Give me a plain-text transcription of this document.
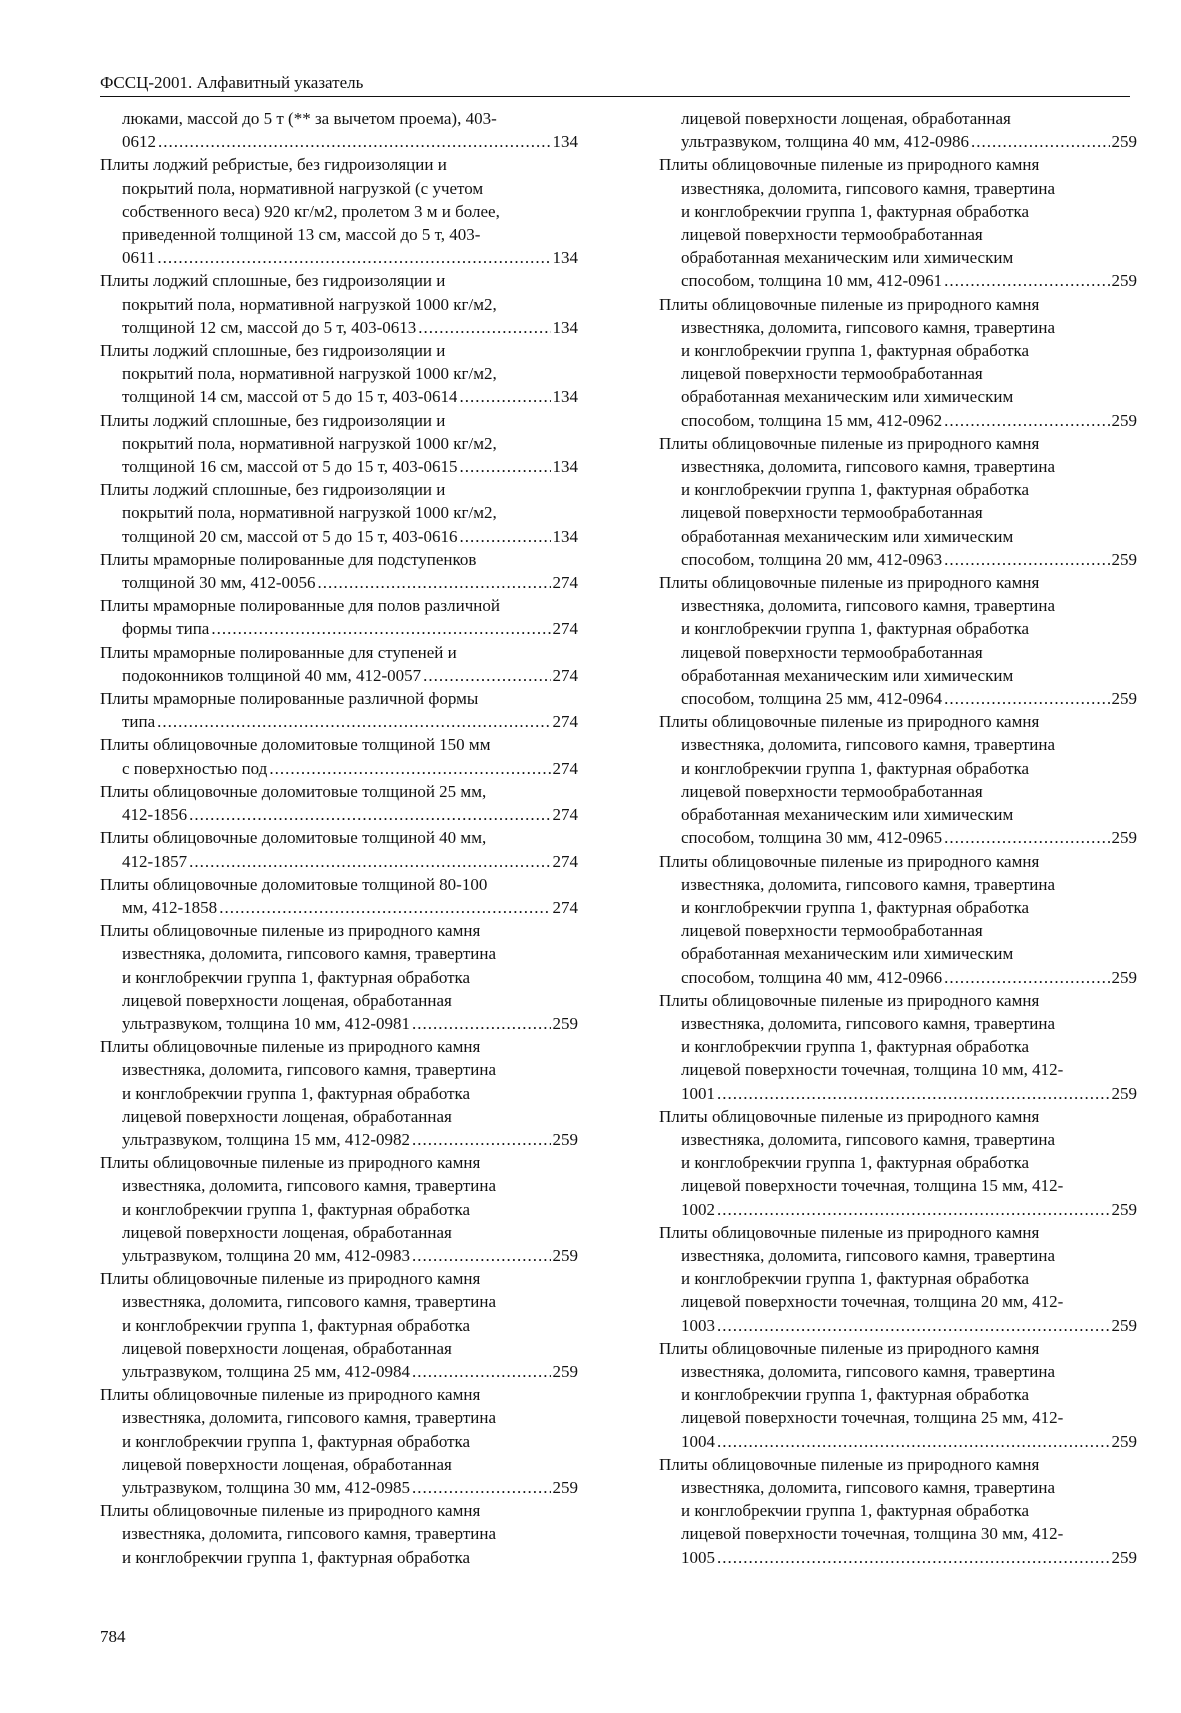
ФССЦ-2001. Алфавитный указатель
люками, массой до 5 т (** за вычетом проема), 403-
0612 .....	134
Плиты лоджий ребристые, без гидроизоляции и
покрытий пола, нормативной нагрузкой (с учетом
собственного веса) 920 кг/м2, пролетом 3 м и более,
приведенной толщиной 13 см, массой до 5 т, 403-
0611 .....	134
Плиты лоджий сплошные, без гидроизоляции и
покрытий пола, нормативной нагрузкой 1000 кг/м2,
толщиной 12 см, массой до 5 т, 403-0613 .....	134
Плиты лоджий сплошные, без гидроизоляции и
покрытий пола, нормативной нагрузкой 1000 кг/м2,
толщиной 14 см, массой от 5 до 15 т, 403-0614 .....	134
Плиты лоджий сплошные, без гидроизоляции и
покрытий пола, нормативной нагрузкой 1000 кг/м2,
толщиной 16 см, массой от 5 до 15 т, 403-0615 .....	134
Плиты лоджий сплошные, без гидроизоляции и
покрытий пола, нормативной нагрузкой 1000 кг/м2,
толщиной 20 см, массой от 5 до 15 т, 403-0616 .....	134
Плиты мраморные полированные для подступенков
толщиной 30 мм, 412-0056 .....	274
Плиты мраморные полированные для полов различной
формы типа .....	274
Плиты мраморные полированные для ступеней и
подоконников толщиной 40 мм, 412-0057 .....	274
Плиты мраморные полированные различной формы
типа .....	274
Плиты облицовочные доломитовые толщиной 150 мм
с поверхностью под .....	274
Плиты облицовочные доломитовые толщиной 25 мм,
412-1856 .....	274
Плиты облицовочные доломитовые толщиной 40 мм,
412-1857 .....	274
Плиты облицовочные доломитовые толщиной 80-100
мм, 412-1858 .....	274
Плиты облицовочные пиленые из природного камня
известняка, доломита, гипсового камня, травертина
и конглобрекчии группа 1, фактурная обработка
лицевой поверхности лощеная, обработанная
ультразвуком, толщина 10 мм, 412-0981 .....	259
Плиты облицовочные пиленые из природного камня
известняка, доломита, гипсового камня, травертина
и конглобрекчии группа 1, фактурная обработка
лицевой поверхности лощеная, обработанная
ультразвуком, толщина 15 мм, 412-0982 .....	259
Плиты облицовочные пиленые из природного камня
известняка, доломита, гипсового камня, травертина
и конглобрекчии группа 1, фактурная обработка
лицевой поверхности лощеная, обработанная
ультразвуком, толщина 20 мм, 412-0983 .....	259
Плиты облицовочные пиленые из природного камня
известняка, доломита, гипсового камня, травертина
и конглобрекчии группа 1, фактурная обработка
лицевой поверхности лощеная, обработанная
ультразвуком, толщина 25 мм, 412-0984 .....	259
Плиты облицовочные пиленые из природного камня
известняка, доломита, гипсового камня, травертина
и конглобрекчии группа 1, фактурная обработка
лицевой поверхности лощеная, обработанная
ультразвуком, толщина 30 мм, 412-0985 .....	259
Плиты облицовочные пиленые из природного камня
известняка, доломита, гипсового камня, травертина
и конглобрекчии группа 1, фактурная обработка
лицевой поверхности лощеная, обработанная
ультразвуком, толщина 40 мм, 412-0986 .....	259
Плиты облицовочные пиленые из природного камня
известняка, доломита, гипсового камня, травертина
и конглобрекчии группа 1, фактурная обработка
лицевой поверхности термообработанная
обработанная механическим или химическим
способом, толщина 10 мм, 412-0961 .....	259
Плиты облицовочные пиленые из природного камня
известняка, доломита, гипсового камня, травертина
и конглобрекчии группа 1, фактурная обработка
лицевой поверхности термообработанная
обработанная механическим или химическим
способом, толщина 15 мм, 412-0962 .....	259
Плиты облицовочные пиленые из природного камня
известняка, доломита, гипсового камня, травертина
и конглобрекчии группа 1, фактурная обработка
лицевой поверхности термообработанная
обработанная механическим или химическим
способом, толщина 20 мм, 412-0963 .....	259
Плиты облицовочные пиленые из природного камня
известняка, доломита, гипсового камня, травертина
и конглобрекчии группа 1, фактурная обработка
лицевой поверхности термообработанная
обработанная механическим или химическим
способом, толщина 25 мм, 412-0964 .....	259
Плиты облицовочные пиленые из природного камня
известняка, доломита, гипсового камня, травертина
и конглобрекчии группа 1, фактурная обработка
лицевой поверхности термообработанная
обработанная механическим или химическим
способом, толщина 30 мм, 412-0965 .....	259
Плиты облицовочные пиленые из природного камня
известняка, доломита, гипсового камня, травертина
и конглобрекчии группа 1, фактурная обработка
лицевой поверхности термообработанная
обработанная механическим или химическим
способом, толщина 40 мм, 412-0966 .....	259
Плиты облицовочные пиленые из природного камня
известняка, доломита, гипсового камня, травертина
и конглобрекчии группа 1, фактурная обработка
лицевой поверхности точечная, толщина 10 мм, 412-
1001 .....	259
Плиты облицовочные пиленые из природного камня
известняка, доломита, гипсового камня, травертина
и конглобрекчии группа 1, фактурная обработка
лицевой поверхности точечная, толщина 15 мм, 412-
1002 .....	259
Плиты облицовочные пиленые из природного камня
известняка, доломита, гипсового камня, травертина
и конглобрекчии группа 1, фактурная обработка
лицевой поверхности точечная, толщина 20 мм, 412-
1003 .....	259
Плиты облицовочные пиленые из природного камня
известняка, доломита, гипсового камня, травертина
и конглобрекчии группа 1, фактурная обработка
лицевой поверхности точечная, толщина 25 мм, 412-
1004 .....	259
Плиты облицовочные пиленые из природного камня
известняка, доломита, гипсового камня, травертина
и конглобрекчии группа 1, фактурная обработка
лицевой поверхности точечная, толщина 30 мм, 412-
1005 .....	259
784
